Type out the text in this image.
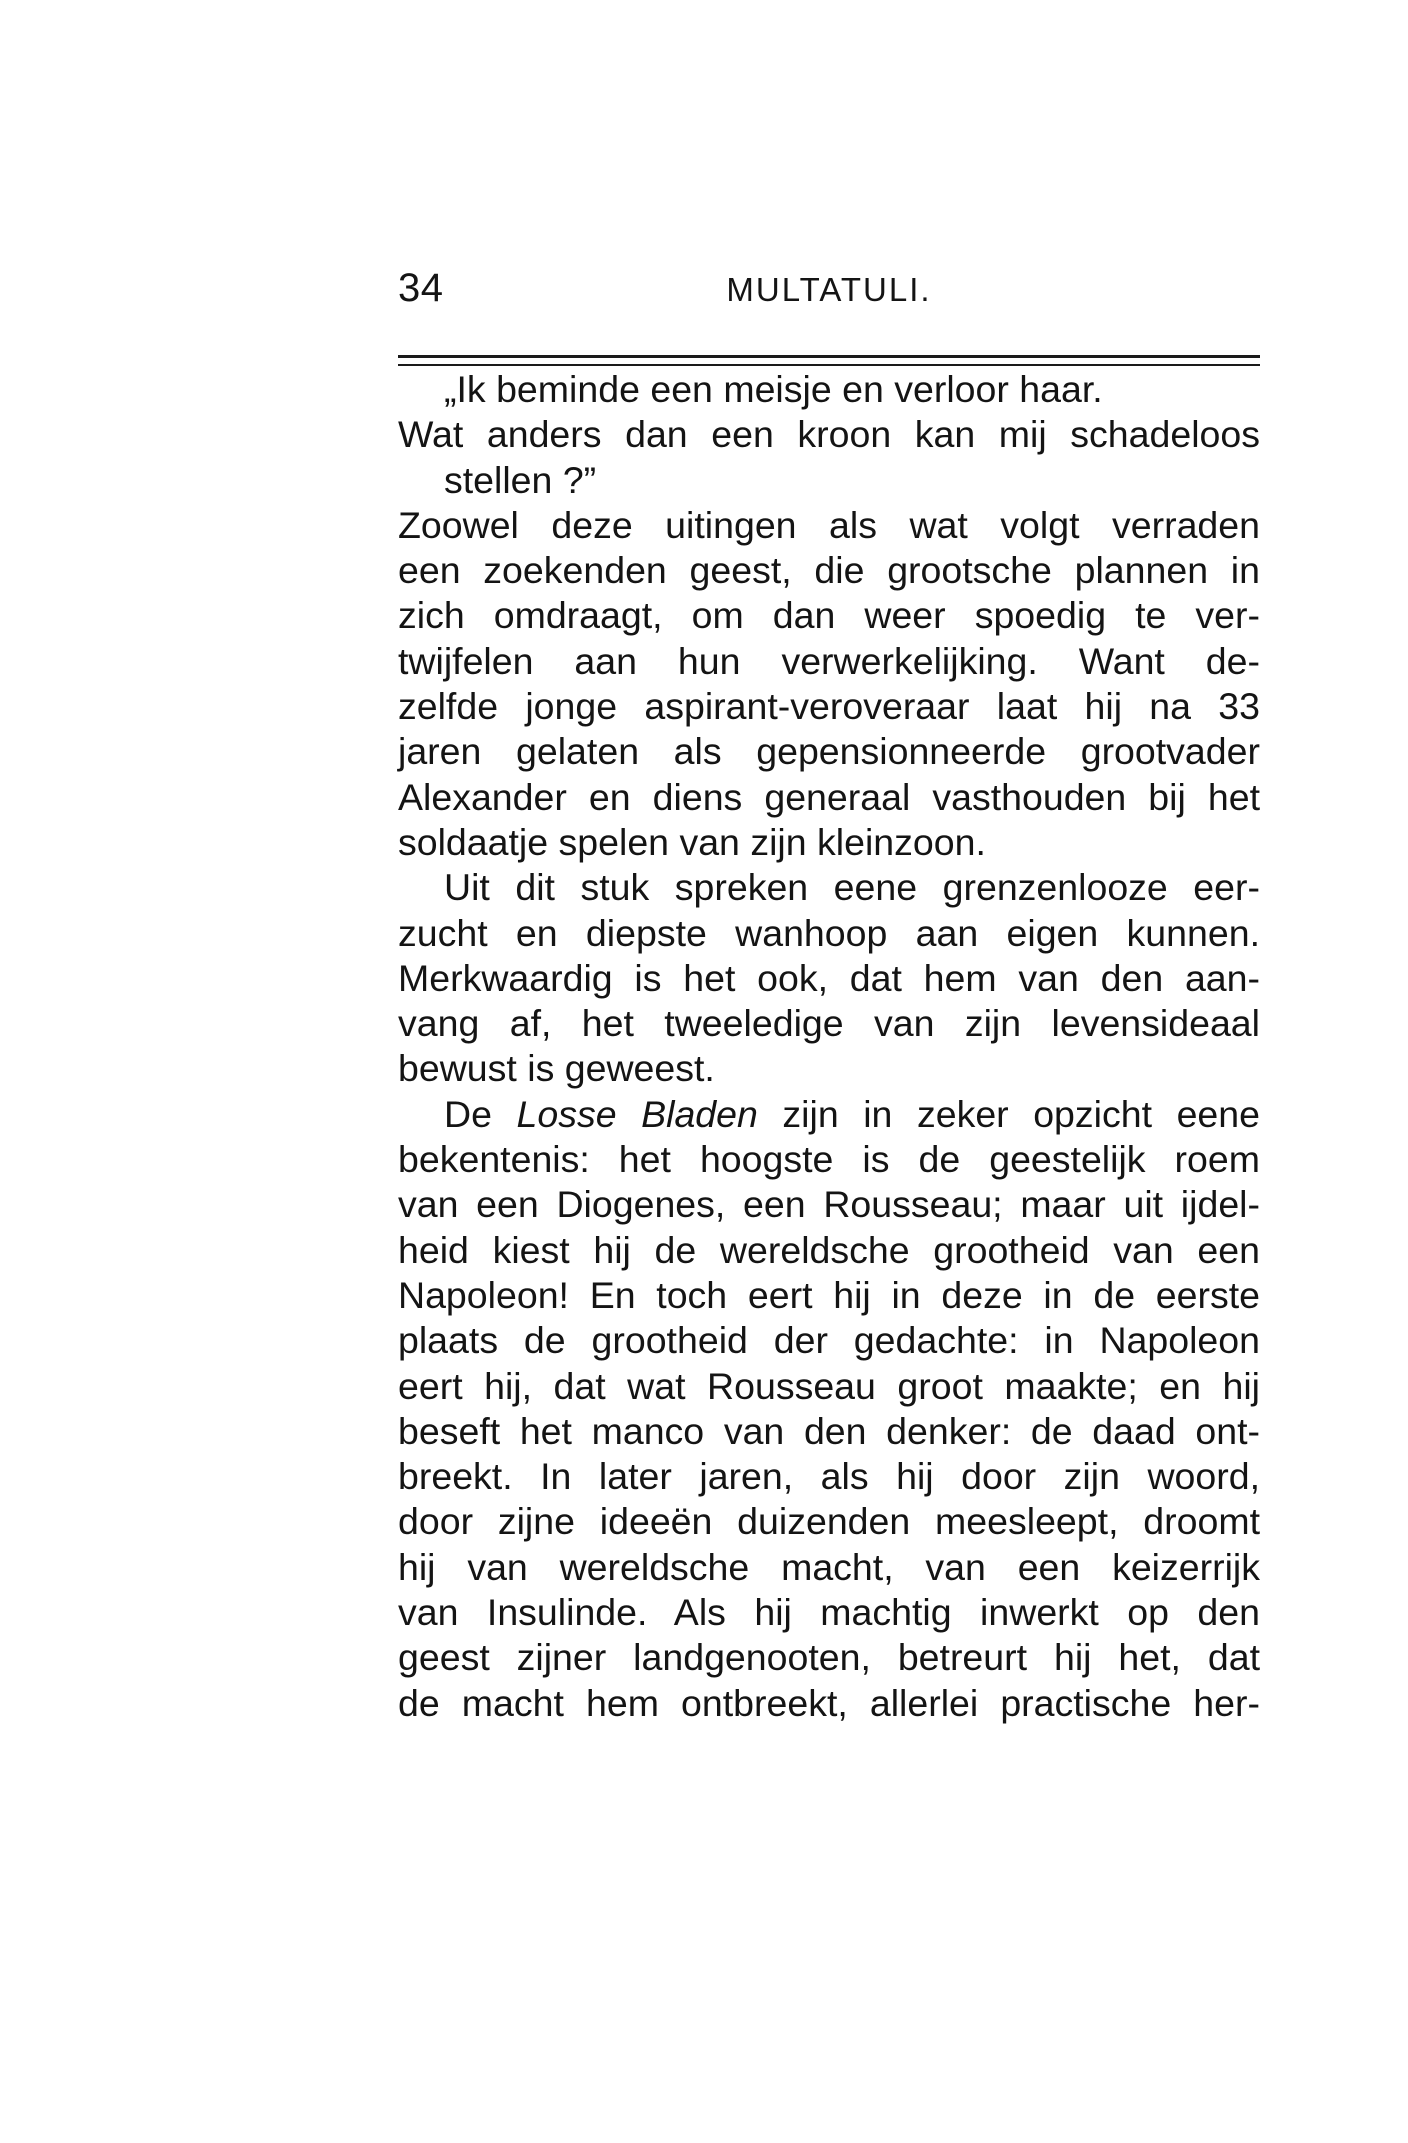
34	MULTATULI.
„Ik beminde een meisje en verloor haar.
Wat anders dan een kroon kan mij schadeloos
stellen ?”
Zoowel deze uitingen als wat volgt verraden
een zoekenden geest, die grootsche plannen in
zich omdraagt, om dan weer spoedig te ver-
twijfelen aan hun verwerkelijking. Want de-
zelfde jonge aspirant-veroveraar laat hij na 33
jaren gelaten als gepensionneerde grootvader
Alexander en diens generaal vasthouden bij het
soldaatje spelen van zijn kleinzoon.
Uit dit stuk spreken eene grenzenlooze eer-
zucht en diepste wanhoop aan eigen kunnen.
Merkwaardig is het ook, dat hem van den aan-
vang af, het tweeledige van zijn levensideaal
bewust is geweest.
De Losse Bladen zijn in zeker opzicht eene
bekentenis: het hoogste is de geestelijk roem
van een Diogenes, een Rousseau; maar uit ijdel-
heid kiest hij de wereldsche grootheid van een
Napoleon! En toch eert hij in deze in de eerste
plaats de grootheid der gedachte: in Napoleon
eert hij, dat wat Rousseau groot maakte; en hij
beseft het manco van den denker: de daad ont-
breekt. In later jaren, als hij door zijn woord,
door zijne ideeën duizenden meesleept, droomt
hij van wereldsche macht, van een keizerrijk
van Insulinde. Als hij machtig inwerkt op den
geest zijner landgenooten, betreurt hij het, dat
de macht hem ontbreekt, allerlei practische her-
